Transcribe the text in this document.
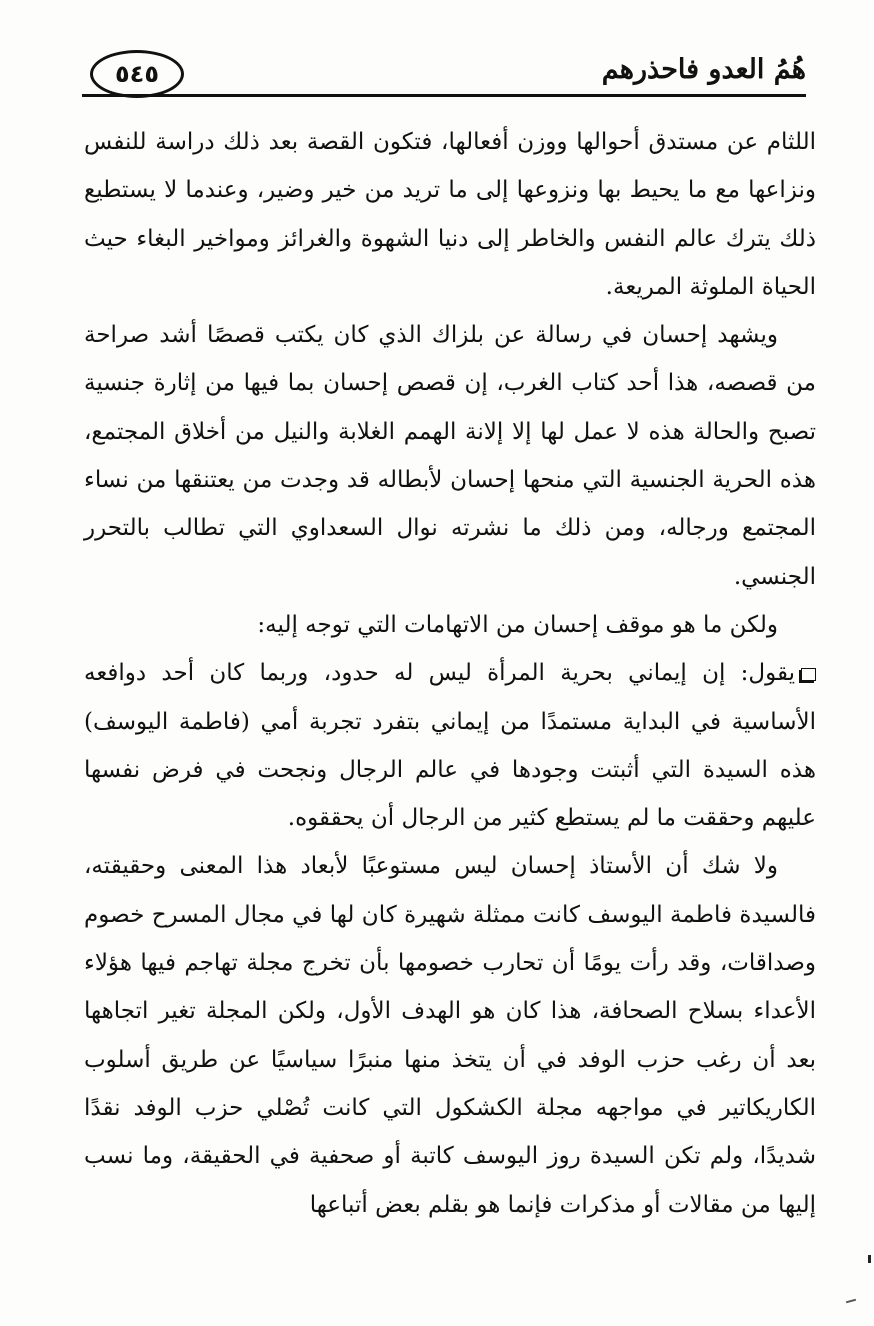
هُمُ العدو فاحذرهم
٥٤٥

اللثام عن مستدق أحوالها ووزن أفعالها، فتكون القصة بعد ذلك دراسة للنفس ونزاعها مع ما يحيط بها ونزوعها إلى ما تريد من خير وضير، وعندما لا يستطيع ذلك يترك عالم النفس والخاطر إلى دنيا الشهوة والغرائز ومواخير البغاء حيث الحياة الملوثة المريعة.

ويشهد إحسان في رسالة عن بلزاك الذي كان يكتب قصصًا أشد صراحة من قصصه، هذا أحد كتاب الغرب، إن قصص إحسان بما فيها من إثارة جنسية تصبح والحالة هذه لا عمل لها إلا إلانة الهمم الغلابة والنيل من أخلاق المجتمع، هذه الحرية الجنسية التي منحها إحسان لأبطاله قد وجدت من يعتنقها من نساء المجتمع ورجاله، ومن ذلك ما نشرته نوال السعداوي التي تطالب بالتحرر الجنسي.

ولكن ما هو موقف إحسان من الاتهامات التي توجه إليه:

يقول: إن إيماني بحرية المرأة ليس له حدود، وربما كان أحد دوافعه الأساسية في البداية مستمدًا من إيماني بتفرد تجربة أمي (فاطمة اليوسف) هذه السيدة التي أثبتت وجودها في عالم الرجال ونجحت في فرض نفسها عليهم وحققت ما لم يستطع كثير من الرجال أن يحققوه.

ولا شك أن الأستاذ إحسان ليس مستوعبًا لأبعاد هذا المعنى وحقيقته، فالسيدة فاطمة اليوسف كانت ممثلة شهيرة كان لها في مجال المسرح خصوم وصداقات، وقد رأت يومًا أن تحارب خصومها بأن تخرج مجلة تهاجم فيها هؤلاء الأعداء بسلاح الصحافة، هذا كان هو الهدف الأول، ولكن المجلة تغير اتجاهها بعد أن رغب حزب الوفد في أن يتخذ منها منبرًا سياسيًا عن طريق أسلوب الكاريكاتير في مواجهه مجلة الكشكول التي كانت تُصْلي حزب الوفد نقدًا شديدًا، ولم تكن السيدة روز اليوسف كاتبة أو صحفية في الحقيقة، وما نسب إليها من مقالات أو مذكرات فإنما هو بقلم بعض أتباعها
